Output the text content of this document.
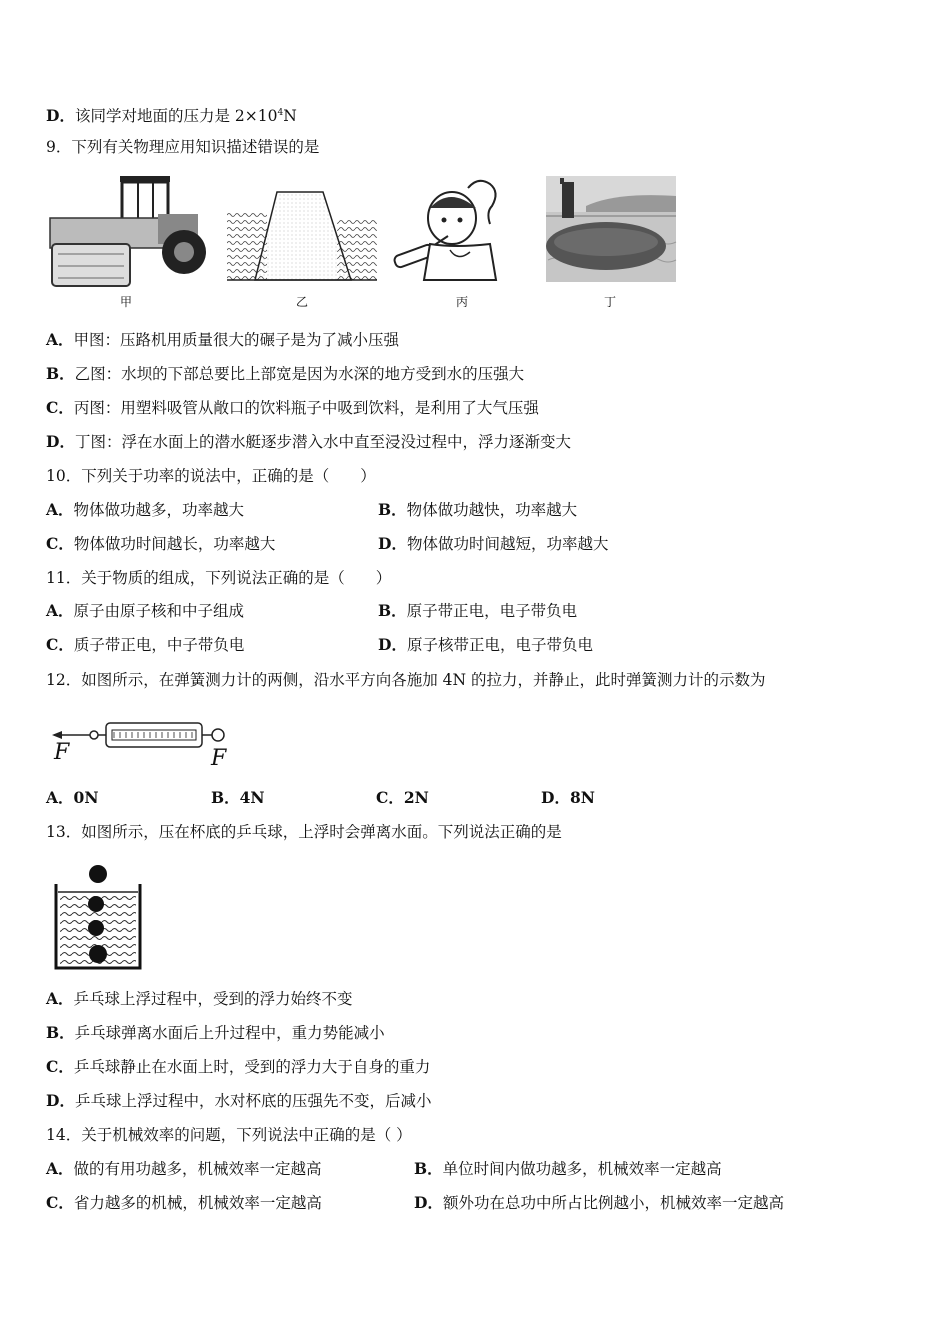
D．该同学对地面的压力是 $2\times 10^4N$
9．下列有关物理应用知识描述错误的是
甲	乙	丙	丁
A．甲图：压路机用质量很大的碾子是为了减小压强
B．乙图：水坝的下部总要比上部宽是因为水深的地方受到水的压强大
C．丙图：用塑料吸管从敞口的饮料瓶子中吸到饮料，是利用了大气压强
D．丁图：浮在水面上的潜水艇逐步潜入水中直至浸没过程中，浮力逐渐变大
10．下列关于功率的说法中，正确的是（　　）
A．物体做功越多，功率越大	B．物体做功越快，功率越大
C．物体做功时间越长，功率越大	D．物体做功时间越短，功率越大
11．关于物质的组成，下列说法正确的是（　　）
A．原子由原子核和中子组成	B．原子带正电，电子带负电
C．质子带正电，中子带负电	D．原子核带正电，电子带负电
12．如图所示，在弹簧测力计的两侧，沿水平方向各施加 4N 的拉力，并静止，此时弹簧测力计的示数为
F	F
A．0N	B．4N	C．2N	D．8N
13．如图所示，压在杯底的乒乓球，上浮时会弹离水面。下列说法正确的是
A．乒乓球上浮过程中，受到的浮力始终不变
B．乒乓球弹离水面后上升过程中，重力势能减小
C．乒乓球静止在水面上时，受到的浮力大于自身的重力
D．乒乓球上浮过程中，水对杯底的压强先不变，后减小
14．关于机械效率的问题，下列说法中正确的是（ ）
A．做的有用功越多，机械效率一定越高	B．单位时间内做功越多，机械效率一定越高
C．省力越多的机械，机械效率一定越高	D．额外功在总功中所占比例越小，机械效率一定越高
